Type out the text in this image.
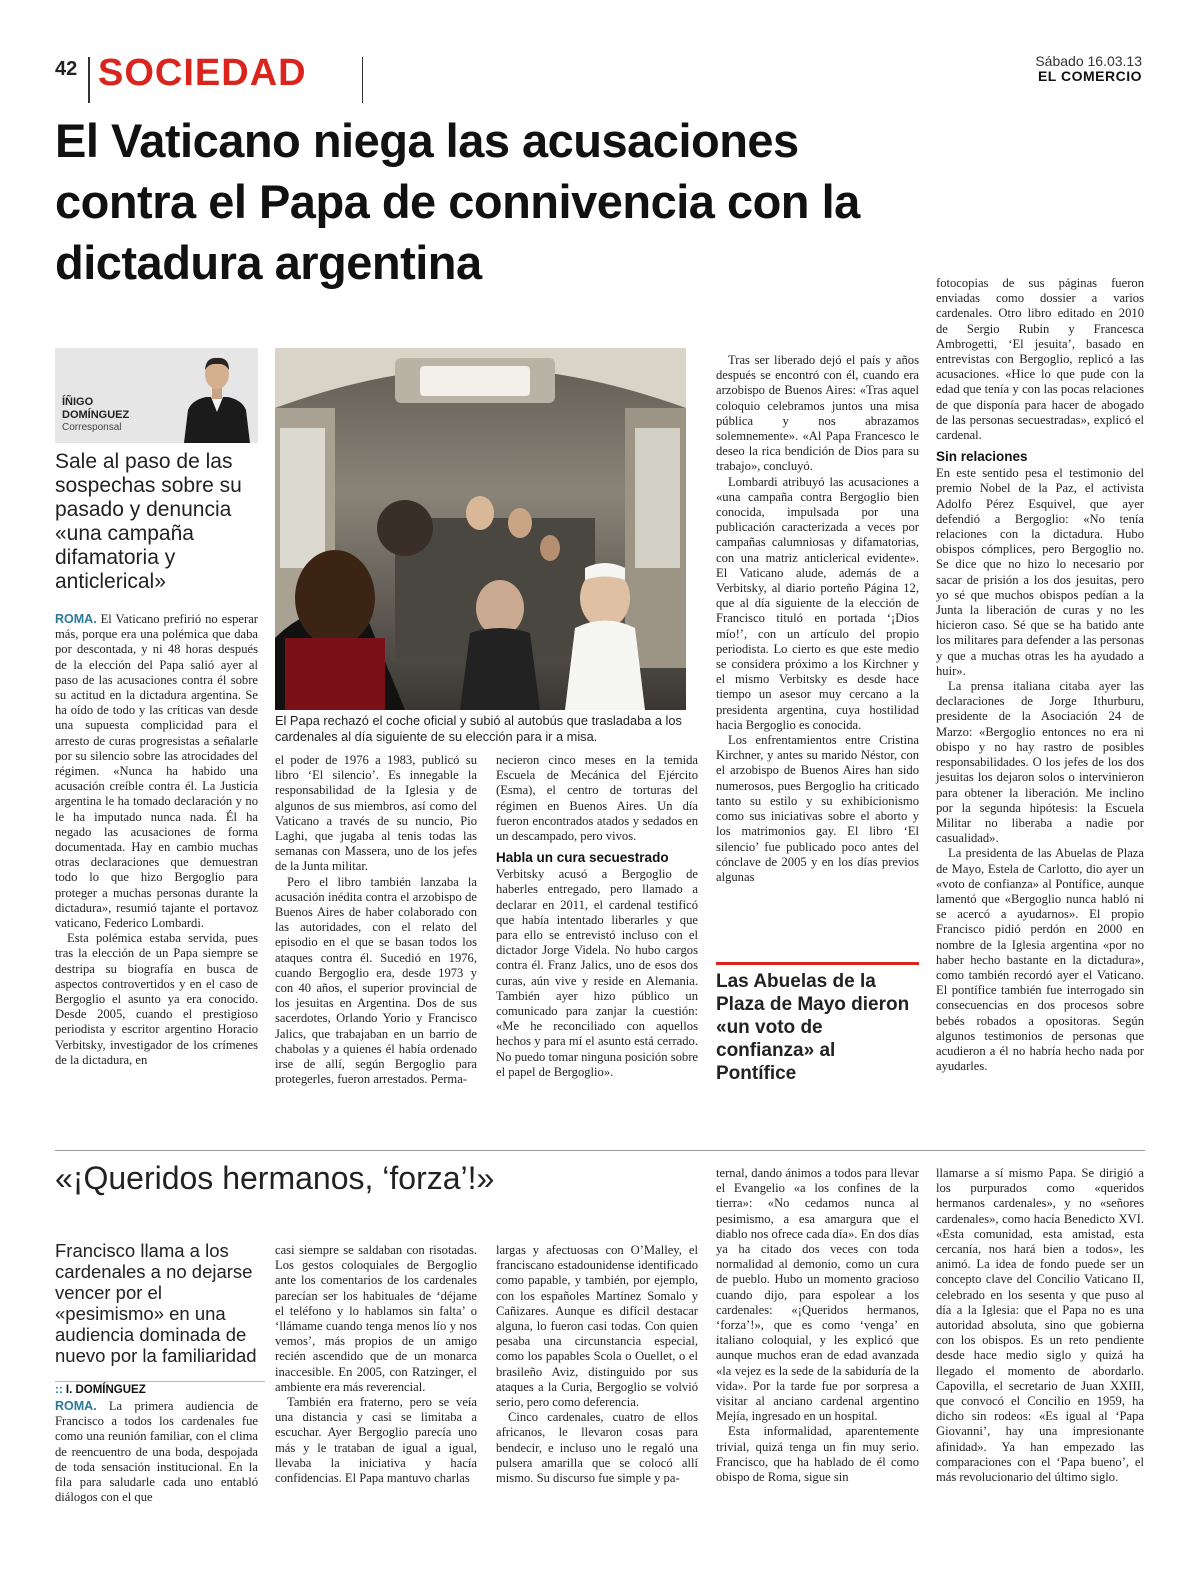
42 SOCIEDAD	Sábado 16.03.13
EL COMERCIO
El Vaticano niega las acusaciones contra el Papa de connivencia con la dictadura argentina
ÍÑIGO
DOMÍNGUEZ
Corresponsal
Sale al paso de las sospechas sobre su pasado y denuncia «una campaña difamatoria y anticlerical»
El Papa rechazó el coche oficial y subió al autobús que trasladaba a los cardenales al día siguiente de su elección para ir a misa.

ROMA. El Vaticano prefirió no esperar más, porque era una polémica que daba por descontada, y ni 48 horas después de la elección del Papa salió ayer al paso de las acusaciones contra él sobre su actitud en la dictadura argentina. Se ha oído de todo y las críticas van desde una supuesta complicidad para el arresto de curas progresistas a señalarle por su silencio sobre las atrocidades del régimen. «Nunca ha habido una acusación creíble contra él. La Justicia argentina le ha tomado declaración y no le ha imputado nunca nada. Él ha negado las acusaciones de forma documentada. Hay en cambio muchas otras declaraciones que demuestran todo lo que hizo Bergoglio para proteger a muchas personas durante la dictadura», resumió tajante el portavoz vaticano, Federico Lombardi.

Esta polémica estaba servida, pues tras la elección de un Papa siempre se destripa su biografía en busca de aspectos controvertidos y en el caso de Bergoglio el asunto ya era conocido. Desde 2005, cuando el prestigioso periodista y escritor argentino Horacio Verbitsky, investigador de los crímenes de la dictadura, en

el poder de 1976 a 1983, publicó su libro ‘El silencio’. Es innegable la responsabilidad de la Iglesia y de algunos de sus miembros, así como del Vaticano a través de su nuncio, Pio Laghi, que jugaba al tenis todas las semanas con Massera, uno de los jefes de la Junta militar.

Pero el libro también lanzaba la acusación inédita contra el arzobispo de Buenos Aires de haber colaborado con las autoridades, con el relato del episodio en el que se basan todos los ataques contra él. Sucedió en 1976, cuando Bergoglio era, desde 1973 y con 40 años, el superior provincial de los jesuitas en Argentina. Dos de sus sacerdotes, Orlando Yorio y Francisco Jalics, que trabajaban en un barrio de chabolas y a quienes él había ordenado irse de allí, según Bergoglio para protegerles, fueron arrestados. Perma-

necieron cinco meses en la temida Escuela de Mecánica del Ejército (Esma), el centro de torturas del régimen en Buenos Aires. Un día fueron encontrados atados y sedados en un descampado, pero vivos.

Habla un cura secuestrado

Verbitsky acusó a Bergoglio de haberles entregado, pero llamado a declarar en 2011, el cardenal testificó que había intentado liberarles y que para ello se entrevistó incluso con el dictador Jorge Videla. No hubo cargos contra él. Franz Jalics, uno de esos dos curas, aún vive y reside en Alemania. También ayer hizo público un comunicado para zanjar la cuestión: «Me he reconciliado con aquellos hechos y para mí el asunto está cerrado. No puedo tomar ninguna posición sobre el papel de Bergoglio».

Tras ser liberado dejó el país y años después se encontró con él, cuando era arzobispo de Buenos Aires: «Tras aquel coloquio celebramos juntos una misa pública y nos abrazamos solemnemente». «Al Papa Francesco le deseo la rica bendición de Dios para su trabajo», concluyó.

Lombardi atribuyó las acusaciones a «una campaña contra Bergoglio bien conocida, impulsada por una publicación caracterizada a veces por campañas calumniosas y difamatorias, con una matriz anticlerical evidente». El Vaticano alude, además de a Verbitsky, al diario porteño Página 12, que al día siguiente de la elección de Francisco tituló en portada ‘¡Dios mío!’, con un artículo del propio periodista. Lo cierto es que este medio se considera próximo a los Kirchner y el mismo Verbitsky es desde hace tiempo un asesor muy cercano a la presidenta argentina, cuya hostilidad hacia Bergoglio es conocida.

Los enfrentamientos entre Cristina Kirchner, y antes su marido Néstor, con el arzobispo de Buenos Aires han sido numerosos, pues Bergoglio ha criticado tanto su estilo y su exhibicionismo como sus iniciativas sobre el aborto y los matrimonios gay. El libro ‘El silencio’ fue publicado poco antes del cónclave de 2005 y en los días previos algunas

Las Abuelas de la Plaza de Mayo dieron «un voto de confianza» al Pontífice

fotocopias de sus páginas fueron enviadas como dossier a varios cardenales. Otro libro editado en 2010 de Sergio Rubin y Francesca Ambrogetti, ‘El jesuita’, basado en entrevistas con Bergoglio, replicó a las acusaciones. «Hice lo que pude con la edad que tenía y con las pocas relaciones de que disponía para hacer de abogado de las personas secuestradas», explicó el cardenal.

Sin relaciones

En este sentido pesa el testimonio del premio Nobel de la Paz, el activista Adolfo Pérez Esquivel, que ayer defendió a Bergoglio: «No tenía relaciones con la dictadura. Hubo obispos cómplices, pero Bergoglio no. Se dice que no hizo lo necesario por sacar de prisión a los dos jesuitas, pero yo sé que muchos obispos pedían a la Junta la liberación de curas y no les hicieron caso. Sé que se ha batido ante los militares para defender a las personas y que a muchas otras les ha ayudado a huir».

La prensa italiana citaba ayer las declaraciones de Jorge Ithurburu, presidente de la Asociación 24 de Marzo: «Bergoglio entonces no era ni obispo y no hay rastro de posibles responsabilidades. O los jefes de los dos jesuitas los dejaron solos o intervinieron para obtener la liberación. Me inclino por la segunda hipótesis: la Escuela Militar no liberaba a nadie por casualidad».

La presidenta de las Abuelas de Plaza de Mayo, Estela de Carlotto, dio ayer un «voto de confianza» al Pontífice, aunque lamentó que «Bergoglio nunca habló ni se acercó a ayudarnos». El propio Francisco pidió perdón en 2000 en nombre de la Iglesia argentina «por no haber hecho bastante en la dictadura», como también recordó ayer el Vaticano. El pontífice también fue interrogado sin consecuencias en dos procesos sobre bebés robados a opositoras. Según algunos testimonios de personas que acudieron a él no habría hecho nada por ayudarles.

«¡Queridos hermanos, ‘forza’!»
Francisco llama a los cardenales a no dejarse vencer por el «pesimismo» en una audiencia dominada de nuevo por la familiaridad
:: I. DOMÍNGUEZ

ROMA. La primera audiencia de Francisco a todos los cardenales fue como una reunión familiar, con el clima de reencuentro de una boda, despojada de toda sensación institucional. En la fila para saludarle cada uno entabló diálogos con el que

casi siempre se saldaban con risotadas. Los gestos coloquiales de Bergoglio ante los comentarios de los cardenales parecían ser los habituales de ‘déjame el teléfono y lo hablamos sin falta’ o ‘llámame cuando tenga menos lío y nos vemos’, más propios de un amigo recién ascendido que de un monarca inaccesible. En 2005, con Ratzinger, el ambiente era más reverencial.

También era fraterno, pero se veía una distancia y casi se limitaba a escuchar. Ayer Bergoglio parecía uno más y le trataban de igual a igual, llevaba la iniciativa y hacía confidencias. El Papa mantuvo charlas

largas y afectuosas con O’Malley, el franciscano estadounidense identificado como papable, y también, por ejemplo, con los españoles Martínez Somalo y Cañizares. Aunque es difícil destacar alguna, lo fueron casi todas. Con quien pesaba una circunstancia especial, como los papables Scola o Ouellet, o el brasileño Aviz, distinguido por sus ataques a la Curia, Bergoglio se volvió serio, pero como deferencia.

Cinco cardenales, cuatro de ellos africanos, le llevaron cosas para bendecir, e incluso uno le regaló una pulsera amarilla que se colocó allí mismo. Su discurso fue simple y pa-

ternal, dando ánimos a todos para llevar el Evangelio «a los confines de la tierra»: «No cedamos nunca al pesimismo, a esa amargura que el diablo nos ofrece cada día». En dos días ya ha citado dos veces con toda normalidad al demonio, como un cura de pueblo. Hubo un momento gracioso cuando dijo, para espolear a los cardenales: «¡Queridos hermanos, ‘forza’!», que es como ‘venga’ en italiano coloquial, y les explicó que aunque muchos eran de edad avanzada «la vejez es la sede de la sabiduría de la vida». Por la tarde fue por sorpresa a visitar al anciano cardenal argentino Mejía, ingresado en un hospital.

Esta informalidad, aparentemente trivial, quizá tenga un fin muy serio. Francisco, que ha hablado de él como obispo de Roma, sigue sin

llamarse a sí mismo Papa. Se dirigió a los purpurados como «queridos hermanos cardenales», y no «señores cardenales», como hacía Benedicto XVI. «Esta comunidad, esta amistad, esta cercanía, nos hará bien a todos», les animó. La idea de fondo puede ser un concepto clave del Concilio Vaticano II, celebrado en los sesenta y que puso al día a la Iglesia: que el Papa no es una autoridad absoluta, sino que gobierna con los obispos. Es un reto pendiente desde hace medio siglo y quizá ha llegado el momento de abordarlo. Capovilla, el secretario de Juan XXIII, que convocó el Concilio en 1959, ha dicho sin rodeos: «Es igual al ‘Papa Giovanni’, hay una impresionante afinidad». Ya han empezado las comparaciones con el ‘Papa bueno’, el más revolucionario del último siglo.
